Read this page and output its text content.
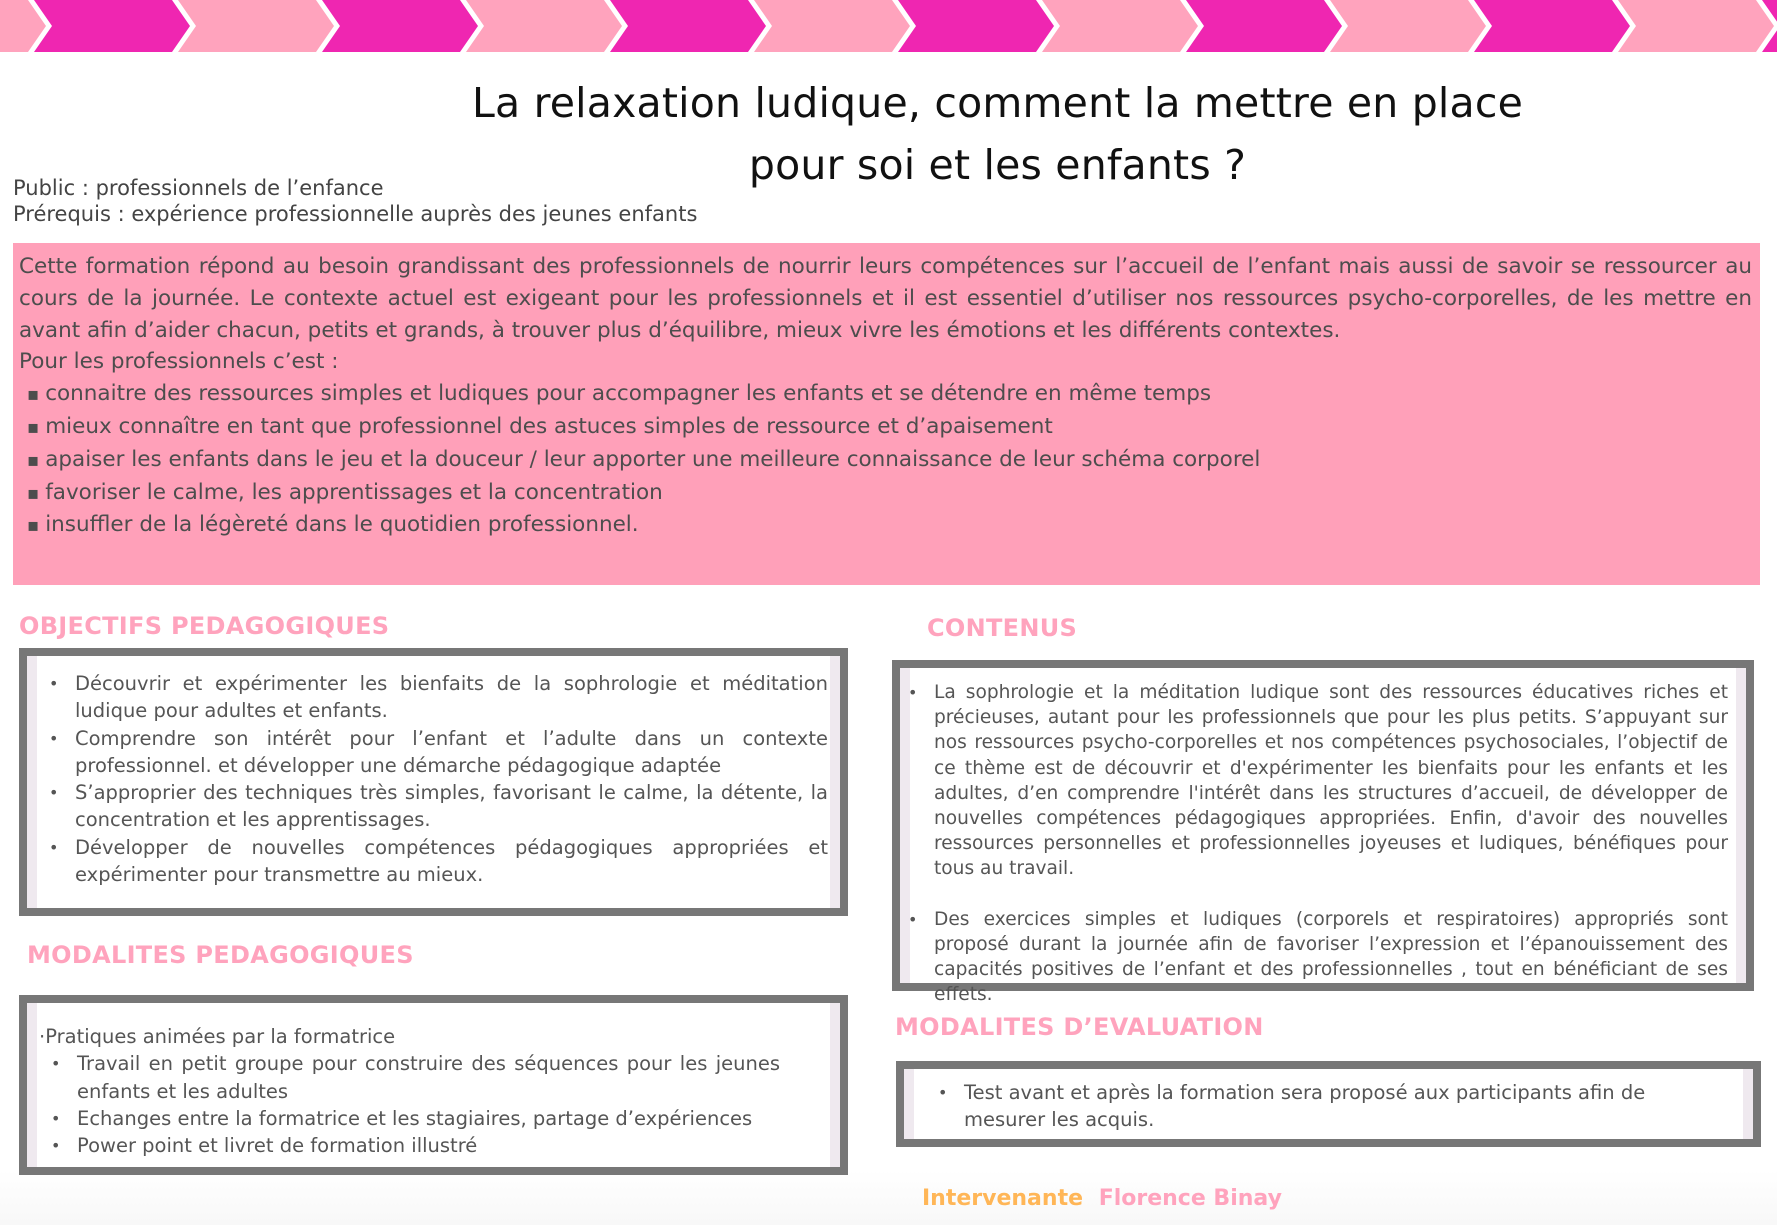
La relaxation ludique, comment la mettre en place
pour soi et les enfants ?
Public : professionnels de l’enfance
Prérequis : expérience professionnelle auprès des jeunes enfants

Cette formation répond au besoin grandissant des professionnels de nourrir leurs compétences sur l’accueil de l’enfant mais aussi de savoir se ressourcer au cours de la journée. Le contexte actuel est exigeant pour les professionnels et il est essentiel d’utiliser nos ressources psycho-corporelles, de les mettre en avant afin d’aider chacun, petits et grands, à trouver plus d’équilibre, mieux vivre les émotions et les différents contextes.

Pour les professionnels c’est :
▪ connaitre des ressources simples et ludiques pour accompagner les enfants et se détendre en même temps
▪ mieux connaître en tant que professionnel des astuces simples de ressource et d’apaisement
▪ apaiser les enfants dans le jeu et la douceur / leur apporter une meilleure connaissance de leur schéma corporel
▪ favoriser le calme, les apprentissages et la concentration
▪ insuffler de la légèreté dans le quotidien professionnel.
OBJECTIFS PEDAGOGIQUES
• Découvrir et expérimenter les bienfaits de la sophrologie et méditation ludique pour adultes et enfants.
• Comprendre son intérêt pour l’enfant et l’adulte dans un contexte professionnel. et développer une démarche pédagogique adaptée
• S’approprier des techniques très simples, favorisant le calme, la détente, la concentration et les apprentissages.
• Développer de nouvelles compétences pédagogiques appropriées et expérimenter pour transmettre au mieux.
MODALITES PEDAGOGIQUES
·Pratiques animées par la formatrice
• Travail en petit groupe pour construire des séquences pour les jeunes enfants et les adultes
• Echanges entre la formatrice et les stagiaires, partage d’expériences
• Power point et livret de formation illustré
CONTENUS
• La sophrologie et la méditation ludique sont des ressources éducatives riches et précieuses, autant pour les professionnels que pour les plus petits. S’appuyant sur nos ressources psycho-corporelles et nos compétences psychosociales, l’objectif de ce thème est de découvrir et d'expérimenter les bienfaits pour les enfants et les adultes, d’en comprendre l'intérêt dans les structures d’accueil, de développer de nouvelles compétences pédagogiques appropriées. Enfin, d'avoir des nouvelles ressources personnelles et professionnelles joyeuses et ludiques, bénéfiques pour tous au travail.
• Des exercices simples et ludiques (corporels et respiratoires) appropriés sont proposé durant la journée afin de favoriser l’expression et l’épanouissement des capacités positives de l’enfant et des professionnelles , tout en bénéficiant de ses effets.
MODALITES D’EVALUATION
• Test avant et après la formation sera proposé aux participants afin de mesurer les acquis.
Intervenante Florence Binay
